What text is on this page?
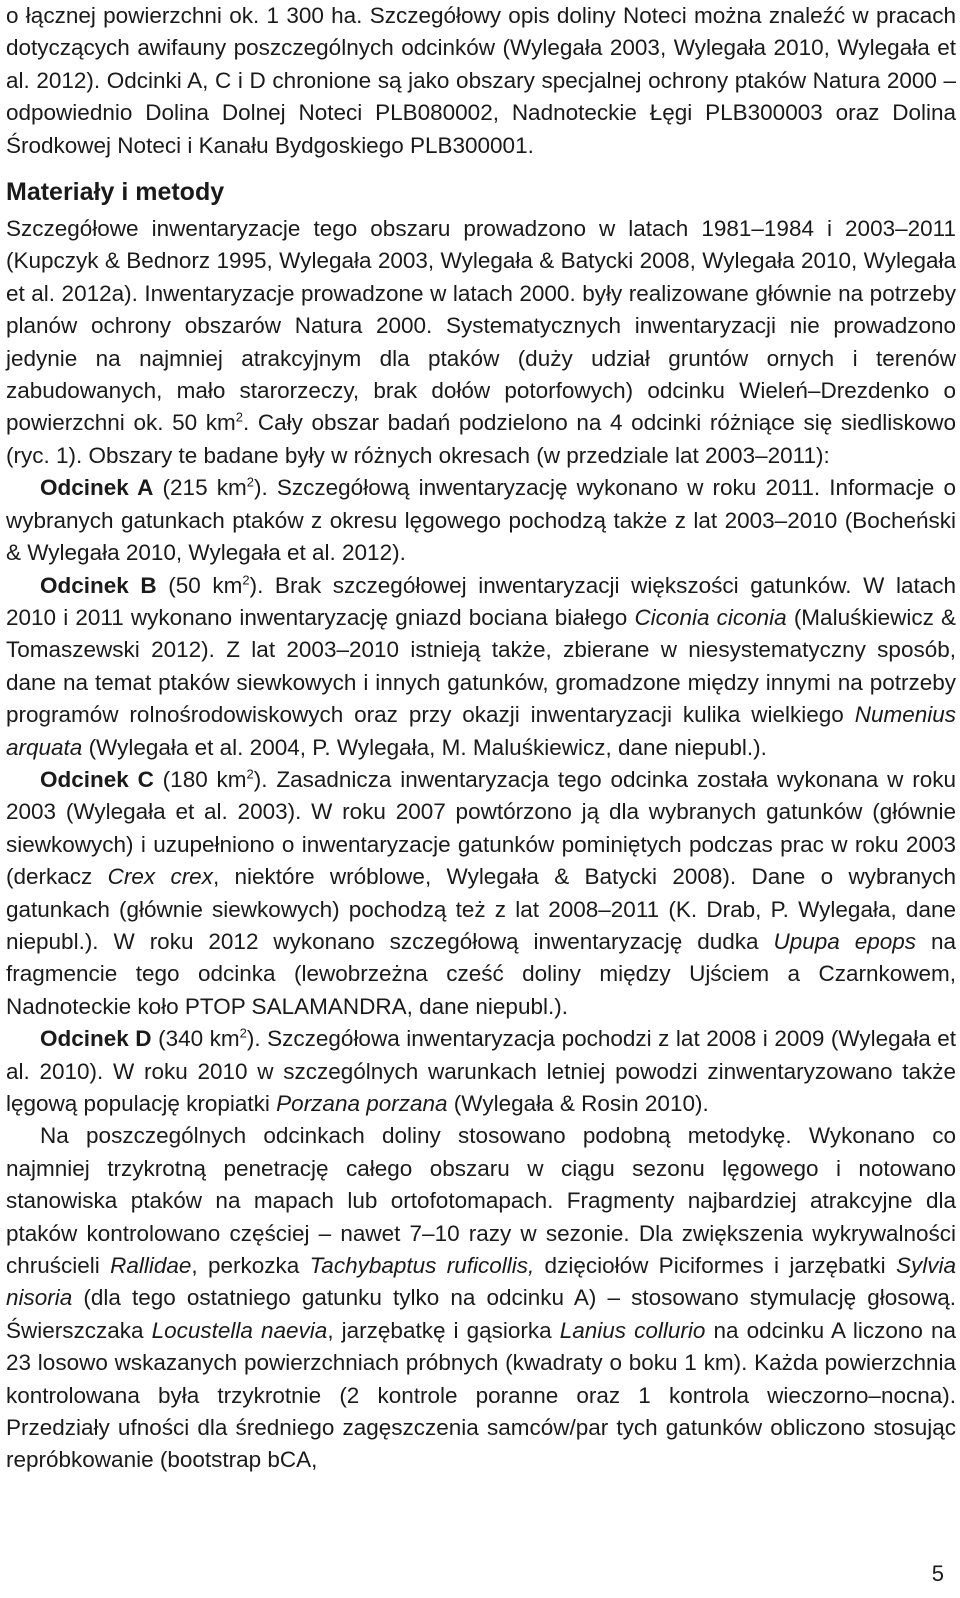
o łącznej powierzchni ok. 1 300 ha. Szczegółowy opis doliny Noteci można znaleźć w pracach dotyczących awifauny poszczególnych odcinków (Wylegała 2003, Wylegała 2010, Wylegała et al. 2012). Odcinki A, C i D chronione są jako obszary specjalnej ochrony ptaków Natura 2000 – odpowiednio Dolina Dolnej Noteci PLB080002, Nadnoteckie Łęgi PLB300003 oraz Dolina Środkowej Noteci i Kanału Bydgoskiego PLB300001.

Materiały i metody

Szczegółowe inwentaryzacje tego obszaru prowadzono w latach 1981–1984 i 2003–2011 (Kupczyk & Bednorz 1995, Wylegała 2003, Wylegała & Batycki 2008, Wylegała 2010, Wylegała et al. 2012a). Inwentaryzacje prowadzone w latach 2000. były realizowane głównie na potrzeby planów ochrony obszarów Natura 2000. Systematycznych inwentaryzacji nie prowadzono jedynie na najmniej atrakcyjnym dla ptaków (duży udział gruntów ornych i terenów zabudowanych, mało starorzeczy, brak dołów potorfowych) odcinku Wieleń–Drezdenko o powierzchni ok. 50 $km^2$. Cały obszar badań podzielono na 4 odcinki różniące się siedliskowo (ryc. 1). Obszary te badane były w różnych okresach (w przedziale lat 2003–2011):

Odcinek A (215 $km^2$). Szczegółową inwentaryzację wykonano w roku 2011. Informacje o wybranych gatunkach ptaków z okresu lęgowego pochodzą także z lat 2003–2010 (Bocheński & Wylegała 2010, Wylegała et al. 2012).

Odcinek B (50 $km^2$). Brak szczegółowej inwentaryzacji większości gatunków. W latach 2010 i 2011 wykonano inwentaryzację gniazd bociana białego Ciconia ciconia (Maluśkiewicz & Tomaszewski 2012). Z lat 2003–2010 istnieją także, zbierane w niesystematyczny sposób, dane na temat ptaków siewkowych i innych gatunków, gromadzone między innymi na potrzeby programów rolnośrodowiskowych oraz przy okazji inwentaryzacji kulika wielkiego Numenius arquata (Wylegała et al. 2004, P. Wylegała, M. Maluśkiewicz, dane niepubl.).

Odcinek C (180 $km^2$). Zasadnicza inwentaryzacja tego odcinka została wykonana w roku 2003 (Wylegała et al. 2003). W roku 2007 powtórzono ją dla wybranych gatunków (głównie siewkowych) i uzupełniono o inwentaryzacje gatunków pominiętych podczas prac w roku 2003 (derkacz Crex crex, niektóre wróblowe, Wylegała & Batycki 2008). Dane o wybranych gatunkach (głównie siewkowych) pochodzą też z lat 2008–2011 (K. Drab, P. Wylegała, dane niepubl.). W roku 2012 wykonano szczegółową inwentaryzację dudka Upupa epops na fragmencie tego odcinka (lewobrzeżna cześć doliny między Ujściem a Czarnkowem, Nadnoteckie koło PTOP SALAMANDRA, dane niepubl.).

Odcinek D (340 $km^2$). Szczegółowa inwentaryzacja pochodzi z lat 2008 i 2009 (Wylegała et al. 2010). W roku 2010 w szczególnych warunkach letniej powodzi zinwentaryzowano także lęgową populację kropiatki Porzana porzana (Wylegała & Rosin 2010).

Na poszczególnych odcinkach doliny stosowano podobną metodykę. Wykonano co najmniej trzykrotną penetrację całego obszaru w ciągu sezonu lęgowego i notowano stanowiska ptaków na mapach lub ortofotomapach. Fragmenty najbardziej atrakcyjne dla ptaków kontrolowano częściej – nawet 7–10 razy w sezonie. Dla zwiększenia wykrywalności chruścieli Rallidae, perkozka Tachybaptus ruficollis, dzięciołów Piciformes i jarzębatki Sylvia nisoria (dla tego ostatniego gatunku tylko na odcinku A) – stosowano stymulację głosową. Świerszczaka Locustella naevia, jarzębatkę i gąsiorka Lanius collurio na odcinku A liczono na 23 losowo wskazanych powierzchniach próbnych (kwadraty o boku 1 km). Każda powierzchnia kontrolowana była trzykrotnie (2 kontrole poranne oraz 1 kontrola wieczorno–nocna). Przedziały ufności dla średniego zagęszczenia samców/par tych gatunków obliczono stosując repróbkowanie (bootstrap bCA,

5
